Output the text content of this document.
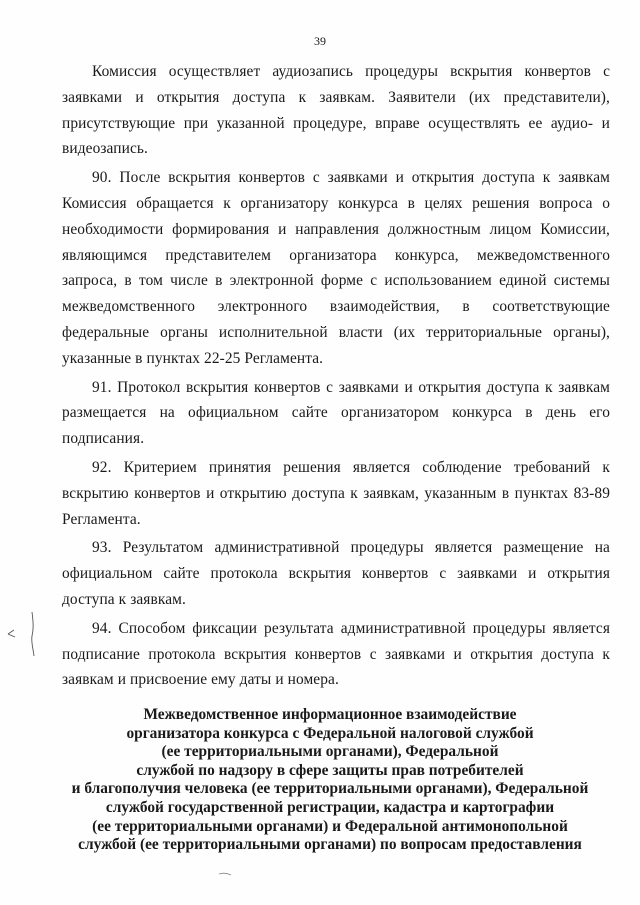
39

Комиссия осуществляет аудиозапись процедуры вскрытия конвертов с заявками и открытия доступа к заявкам. Заявители (их представители), присутствующие при указанной процедуре, вправе осуществлять ее аудио- и видеозапись.

90. После вскрытия конвертов с заявками и открытия доступа к заявкам Комиссия обращается к организатору конкурса в целях решения вопроса о необходимости формирования и направления должностным лицом Комиссии, являющимся представителем организатора конкурса, межведомственного запроса, в том числе в электронной форме с использованием единой системы межведомственного электронного взаимодействия, в соответствующие федеральные органы исполнительной власти (их территориальные органы), указанные в пунктах 22-25 Регламента.

91. Протокол вскрытия конвертов с заявками и открытия доступа к заявкам размещается на официальном сайте организатором конкурса в день его подписания.

92. Критерием принятия решения является соблюдение требований к вскрытию конвертов и открытию доступа к заявкам, указанным в пунктах 83-89 Регламента.

93. Результатом административной процедуры является размещение на официальном сайте протокола вскрытия конвертов с заявками и открытия доступа к заявкам.

94. Способом фиксации результата административной процедуры является подписание протокола вскрытия конвертов с заявками и открытия доступа к заявкам и присвоение ему даты и номера.

Межведомственное информационное взаимодействие
организатора конкурса с Федеральной налоговой службой
(ее территориальными органами), Федеральной
службой по надзору в сфере защиты прав потребителей
и благополучия человека (ее территориальными органами), Федеральной
службой государственной регистрации, кадастра и картографии
(ее территориальными органами) и Федеральной антимонопольной
службой (ее территориальными органами) по вопросам предоставления
